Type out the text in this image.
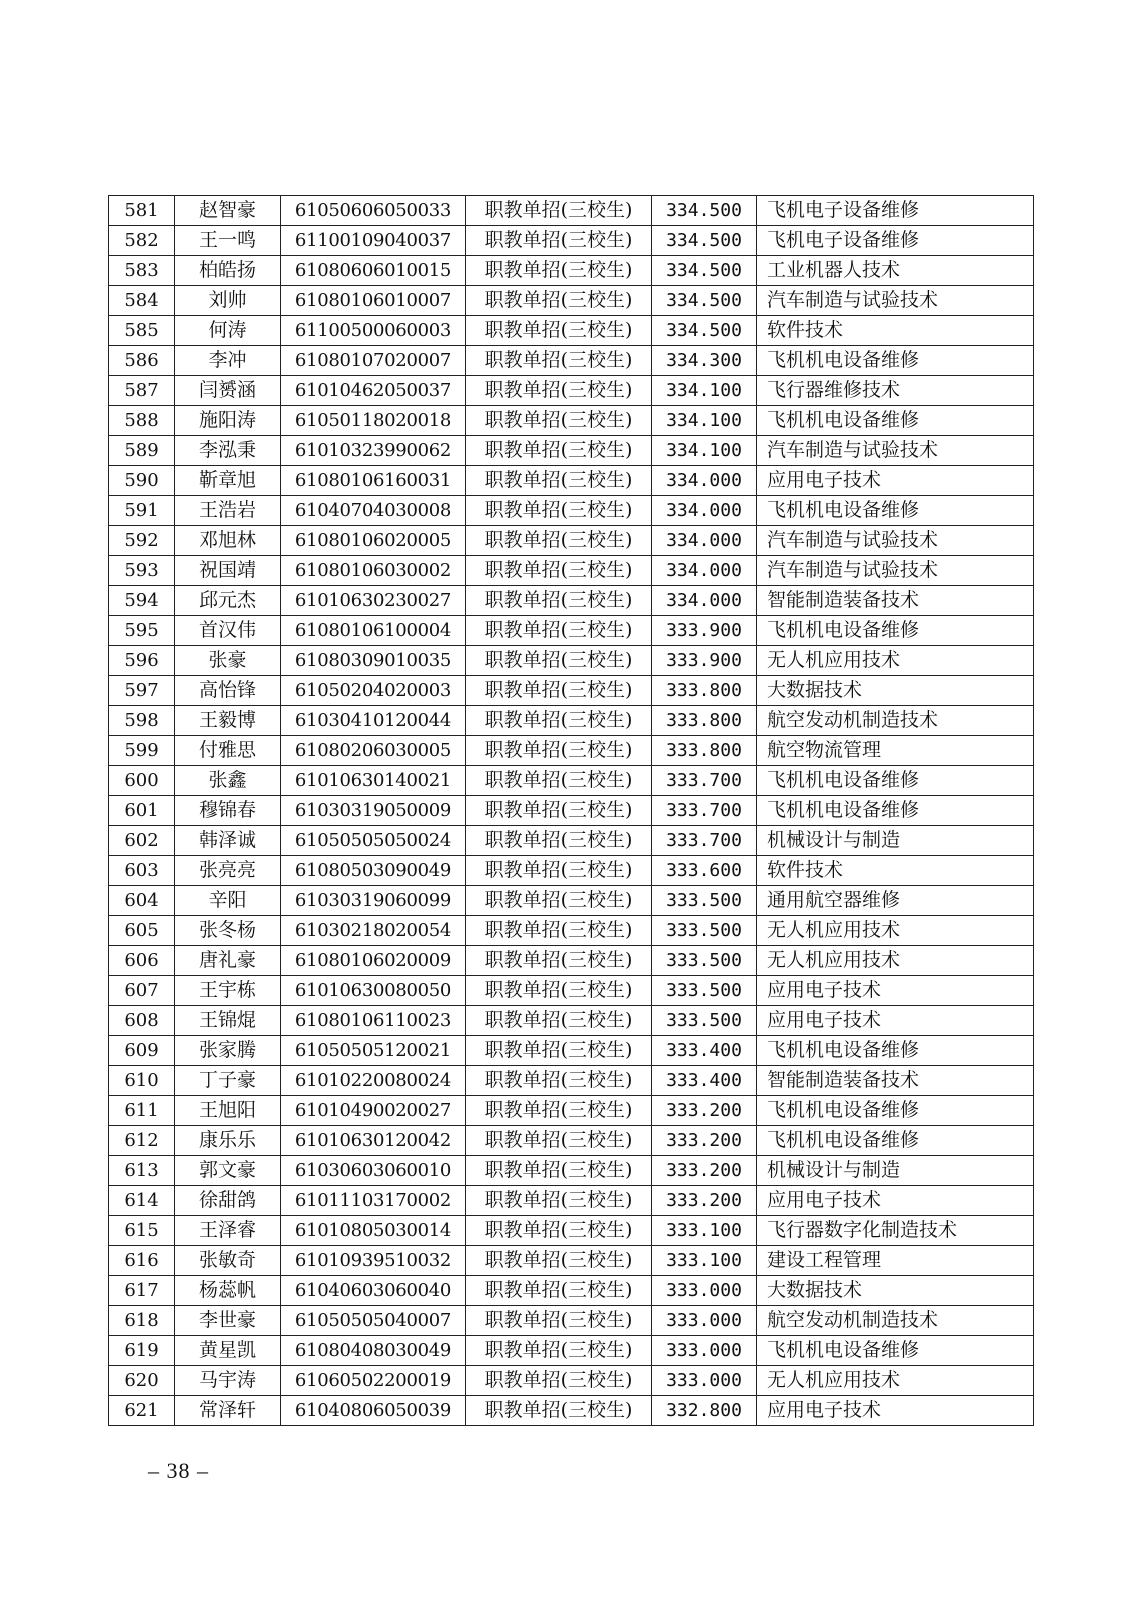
581	赵智豪	61050606050033	职教单招(三校生)	334.500	飞机电子设备维修
582	王一鸣	61100109040037	职教单招(三校生)	334.500	飞机电子设备维修
583	柏皓扬	61080606010015	职教单招(三校生)	334.500	工业机器人技术
584	刘帅	61080106010007	职教单招(三校生)	334.500	汽车制造与试验技术
585	何涛	61100500060003	职教单招(三校生)	334.500	软件技术
586	李冲	61080107020007	职教单招(三校生)	334.300	飞机机电设备维修
587	闫赟涵	61010462050037	职教单招(三校生)	334.100	飞行器维修技术
588	施阳涛	61050118020018	职教单招(三校生)	334.100	飞机机电设备维修
589	李泓秉	61010323990062	职教单招(三校生)	334.100	汽车制造与试验技术
590	靳章旭	61080106160031	职教单招(三校生)	334.000	应用电子技术
591	王浩岩	61040704030008	职教单招(三校生)	334.000	飞机机电设备维修
592	邓旭林	61080106020005	职教单招(三校生)	334.000	汽车制造与试验技术
593	祝国靖	61080106030002	职教单招(三校生)	334.000	汽车制造与试验技术
594	邱元杰	61010630230027	职教单招(三校生)	334.000	智能制造装备技术
595	首汉伟	61080106100004	职教单招(三校生)	333.900	飞机机电设备维修
596	张豪	61080309010035	职教单招(三校生)	333.900	无人机应用技术
597	高怡锋	61050204020003	职教单招(三校生)	333.800	大数据技术
598	王毅博	61030410120044	职教单招(三校生)	333.800	航空发动机制造技术
599	付雅思	61080206030005	职教单招(三校生)	333.800	航空物流管理
600	张鑫	61010630140021	职教单招(三校生)	333.700	飞机机电设备维修
601	穆锦春	61030319050009	职教单招(三校生)	333.700	飞机机电设备维修
602	韩泽诚	61050505050024	职教单招(三校生)	333.700	机械设计与制造
603	张亮亮	61080503090049	职教单招(三校生)	333.600	软件技术
604	辛阳	61030319060099	职教单招(三校生)	333.500	通用航空器维修
605	张冬杨	61030218020054	职教单招(三校生)	333.500	无人机应用技术
606	唐礼豪	61080106020009	职教单招(三校生)	333.500	无人机应用技术
607	王宇栋	61010630080050	职教单招(三校生)	333.500	应用电子技术
608	王锦焜	61080106110023	职教单招(三校生)	333.500	应用电子技术
609	张家腾	61050505120021	职教单招(三校生)	333.400	飞机机电设备维修
610	丁子豪	61010220080024	职教单招(三校生)	333.400	智能制造装备技术
611	王旭阳	61010490020027	职教单招(三校生)	333.200	飞机机电设备维修
612	康乐乐	61010630120042	职教单招(三校生)	333.200	飞机机电设备维修
613	郭文豪	61030603060010	职教单招(三校生)	333.200	机械设计与制造
614	徐甜鸽	61011103170002	职教单招(三校生)	333.200	应用电子技术
615	王泽睿	61010805030014	职教单招(三校生)	333.100	飞行器数字化制造技术
616	张敏奇	61010939510032	职教单招(三校生)	333.100	建设工程管理
617	杨蕊帆	61040603060040	职教单招(三校生)	333.000	大数据技术
618	李世豪	61050505040007	职教单招(三校生)	333.000	航空发动机制造技术
619	黄星凯	61080408030049	职教单招(三校生)	333.000	飞机机电设备维修
620	马宇涛	61060502200019	职教单招(三校生)	333.000	无人机应用技术
621	常泽轩	61040806050039	职教单招(三校生)	332.800	应用电子技术
– 38 –
